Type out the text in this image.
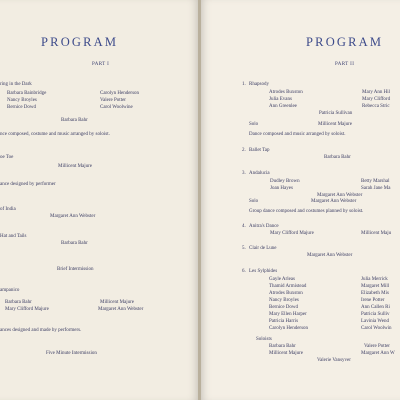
PROGRAM
PART I
ring in the Dark
Barbara Bainbridge	Carolyn Henderson
Nancy Broyles	Valere Potter
Bernice Dowd	Carol Woolwine
Barbara Bahr
nce composed, costume and music arranged by soloist.
oe Toe
Millicent Majure
ance designed by performer
of India
Margaret Ann Webster
Hat and Tails
Barbara Bahr
Brief Intermission
ampanico
Barbara Bahr	Millicent Majure
Mary Clifford Majure	Margaret Ann Webster
ances designed and made by performers.
Five Minute Intermission
PROGRAM
PART II
1. Rhapsody
Atrodes Buxston	Mary Ann Hil
Julia Evans	Mary Clifford
Ann Greenlee	Rebecca Stric
Patricia Sullivan
Solo	Millicent Majure
Dance composed and music arranged by soloist.
2. Ballet Tap
Barbara Bahr
3. Andalucia
Dudley Brown	Betty Marshal
Joan Hayes	Sarah Jane Ma
Margaret Ann Webster
Solo	Margaret Ann Webster
Group dance composed and costumes planned by soloist.
4. Anitra's Dance
Mary Clifford Majure	Millicent Maju
5. Clair de Lune
Margaret Ann Webster
6. Les Sylphides
Gayle Arleas	Julia Merrick
Thamid Armistead	Margaret Mill
Atrodes Buxston	Elizabeth Mis
Nancy Broyles	Irene Potter
Bernice Dowd	Ann Callen Ri
Mary Ellen Harper	Patricia Sulliv
Patricia Harris	Lavinia Wend
Carolyn Henderson	Carol Woolwin
Soloists
Barbara Bahr	Valere Potter
Millicent Majure	Margaret Ann W
Valerie Vansyver
